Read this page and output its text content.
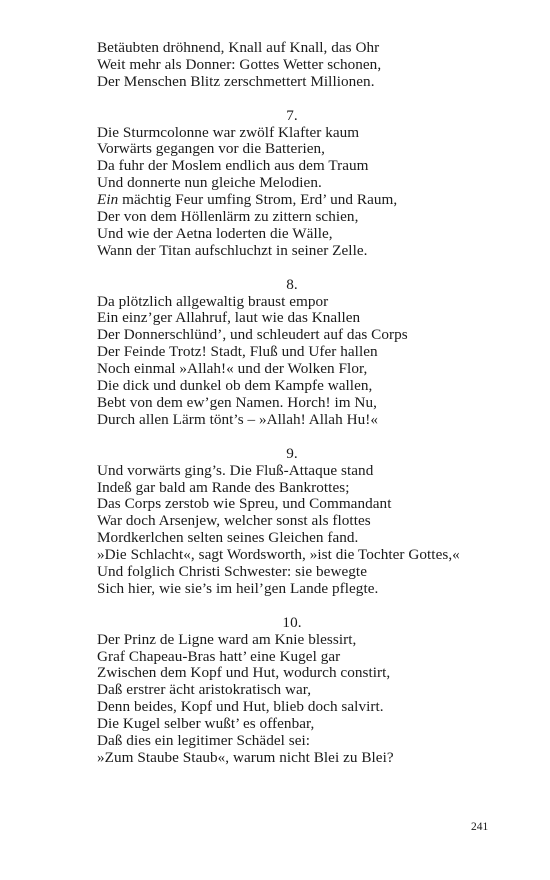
Betäubten dröhnend, Knall auf Knall, das Ohr
Weit mehr als Donner: Gottes Wetter schonen,
Der Menschen Blitz zerschmettert Millionen.
7.
Die Sturmcolonne war zwölf Klafter kaum
Vorwärts gegangen vor die Batterien,
Da fuhr der Moslem endlich aus dem Traum
Und donnerte nun gleiche Melodien.
Ein mächtig Feur umfing Strom, Erd’ und Raum,
Der von dem Höllenlärm zu zittern schien,
Und wie der Aetna loderten die Wälle,
Wann der Titan aufschluchzt in seiner Zelle.
8.
Da plötzlich allgewaltig braust empor
Ein einz’ger Allahruf, laut wie das Knallen
Der Donnerschlünd’, und schleudert auf das Corps
Der Feinde Trotz! Stadt, Fluß und Ufer hallen
Noch einmal »Allah!« und der Wolken Flor,
Die dick und dunkel ob dem Kampfe wallen,
Bebt von dem ew’gen Namen. Horch! im Nu,
Durch allen Lärm tönt’s – »Allah! Allah Hu!«
9.
Und vorwärts ging’s. Die Fluß-Attaque stand
Indeß gar bald am Rande des Bankrottes;
Das Corps zerstob wie Spreu, und Commandant
War doch Arsenjew, welcher sonst als flottes
Mordkerlchen selten seines Gleichen fand.
»Die Schlacht«, sagt Wordsworth, »ist die Tochter Gottes,«
Und folglich Christi Schwester: sie bewegte
Sich hier, wie sie’s im heil’gen Lande pflegte.
10.
Der Prinz de Ligne ward am Knie blessirt,
Graf Chapeau-Bras hatt’ eine Kugel gar
Zwischen dem Kopf und Hut, wodurch constirt,
Daß erstrer ächt aristokratisch war,
Denn beides, Kopf und Hut, blieb doch salvirt.
Die Kugel selber wußt’ es offenbar,
Daß dies ein legitimer Schädel sei:
»Zum Staube Staub«, warum nicht Blei zu Blei?
241
